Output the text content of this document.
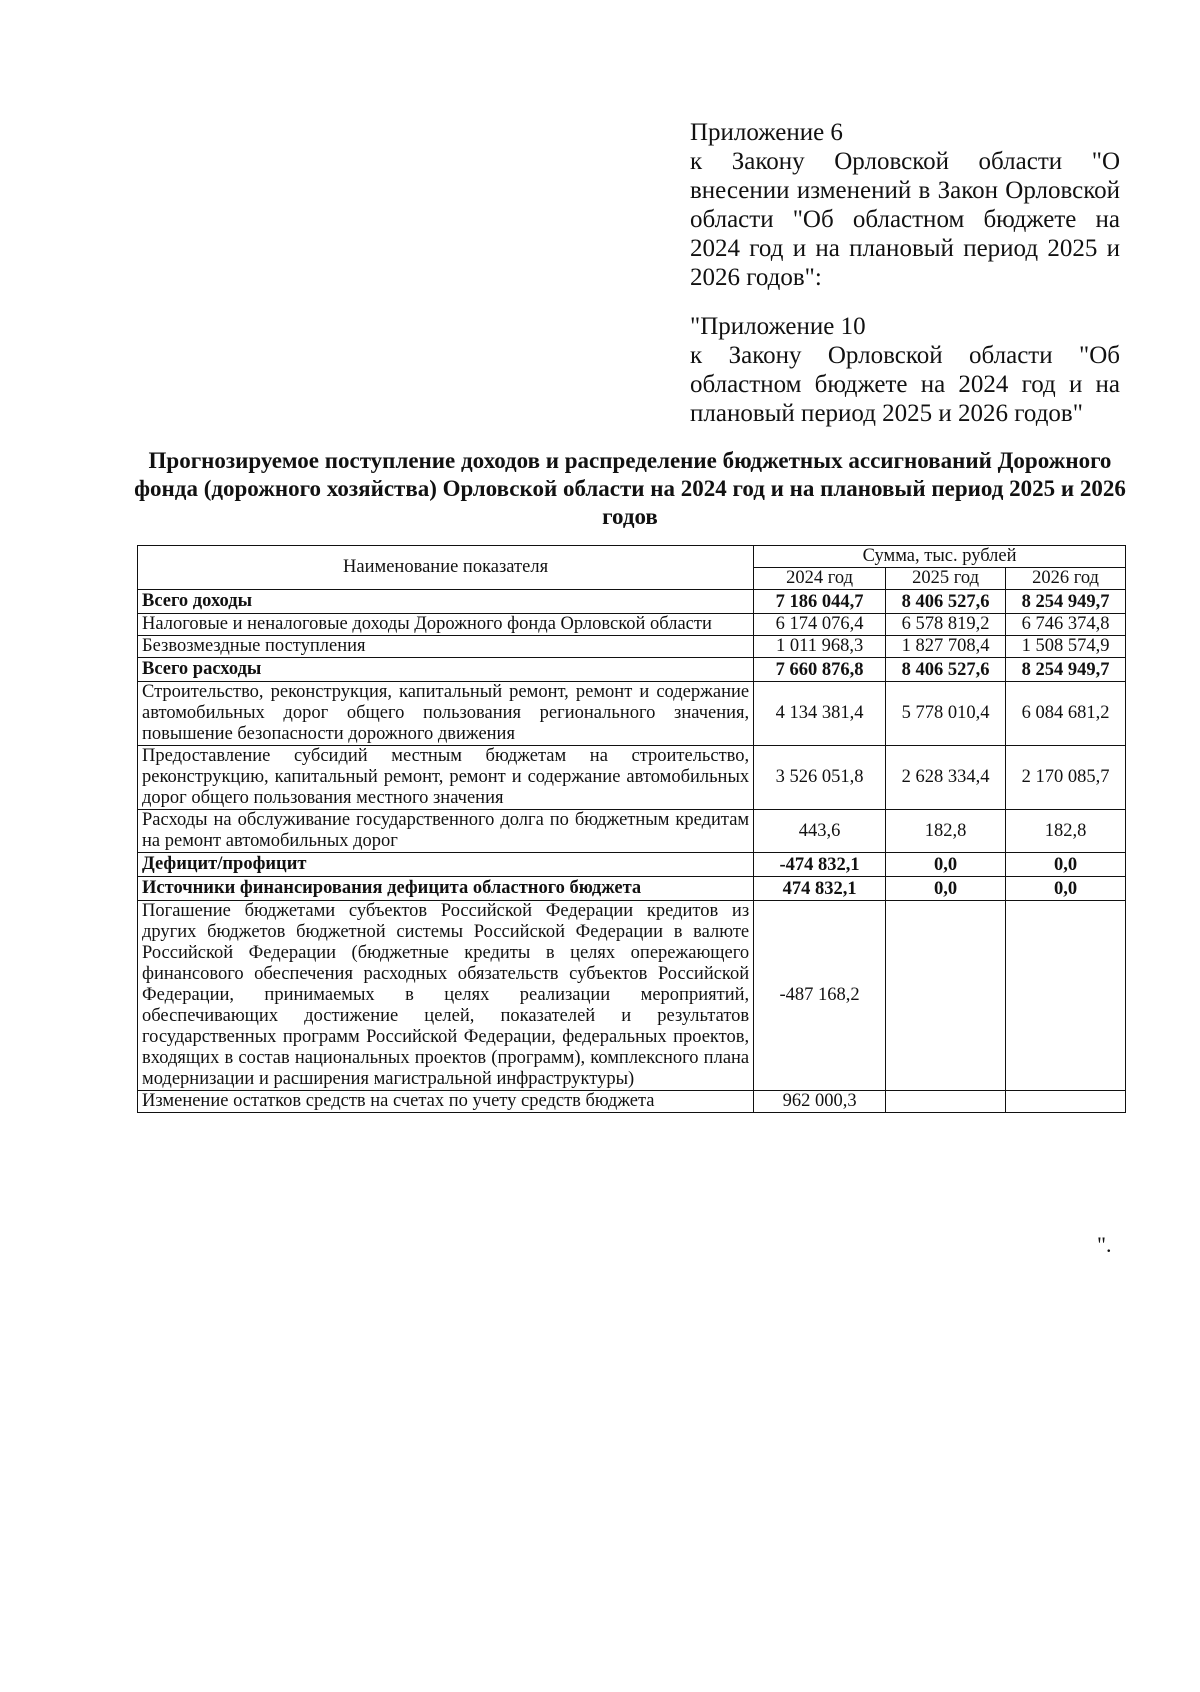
Приложение 6

к Закону Орловской области "О внесении изменений в Закон Орловской области "Об областном бюджете на 2024 год и на плановый период 2025 и 2026 годов":

"Приложение 10

к Закону Орловской области "Об областном бюджете на 2024 год и на плановый период 2025 и 2026 годов"

Прогнозируемое поступление доходов и распределение бюджетных ассигнований Дорожного фонда (дорожного хозяйства) Орловской области на 2024 год и на плановый период 2025 и 2026 годов
Наименование показателя	Сумма, тыс. рублей		
	2024 год	2025 год	2026 год
Всего доходы	7 186 044,7	8 406 527,6	8 254 949,7
Налоговые и неналоговые доходы Дорожного фонда Орловской области	6 174 076,4	6 578 819,2	6 746 374,8
Безвозмездные поступления	1 011 968,3	1 827 708,4	1 508 574,9
Всего расходы	7 660 876,8	8 406 527,6	8 254 949,7
Строительство, реконструкция, капитальный ремонт, ремонт и содержание автомобильных дорог общего пользования регионального значения, повышение безопасности дорожного движения	4 134 381,4	5 778 010,4	6 084 681,2
Предоставление субсидий местным бюджетам на строительство, реконструкцию, капитальный ремонт, ремонт и содержание автомобильных дорог общего пользования местного значения	3 526 051,8	2 628 334,4	2 170 085,7
Расходы на обслуживание государственного долга по бюджетным кредитам на ремонт автомобильных дорог	443,6	182,8	182,8
Дефицит/профицит	-474 832,1	0,0	0,0
Источники финансирования дефицита областного бюджета	474 832,1	0,0	0,0
Погашение бюджетами субъектов Российской Федерации кредитов из других бюджетов бюджетной системы Российской Федерации в валюте Российской Федерации (бюджетные кредиты в целях опережающего финансового обеспечения расходных обязательств субъектов Российской Федерации, принимаемых в целях реализации мероприятий, обеспечивающих достижение целей, показателей и результатов государственных программ Российской Федерации, федеральных проектов, входящих в состав национальных проектов (программ), комплексного плана модернизации и расширения магистральной инфраструктуры)	-487 168,2		
Изменение остатков средств на счетах по учету средств бюджета	962 000,3		
".
